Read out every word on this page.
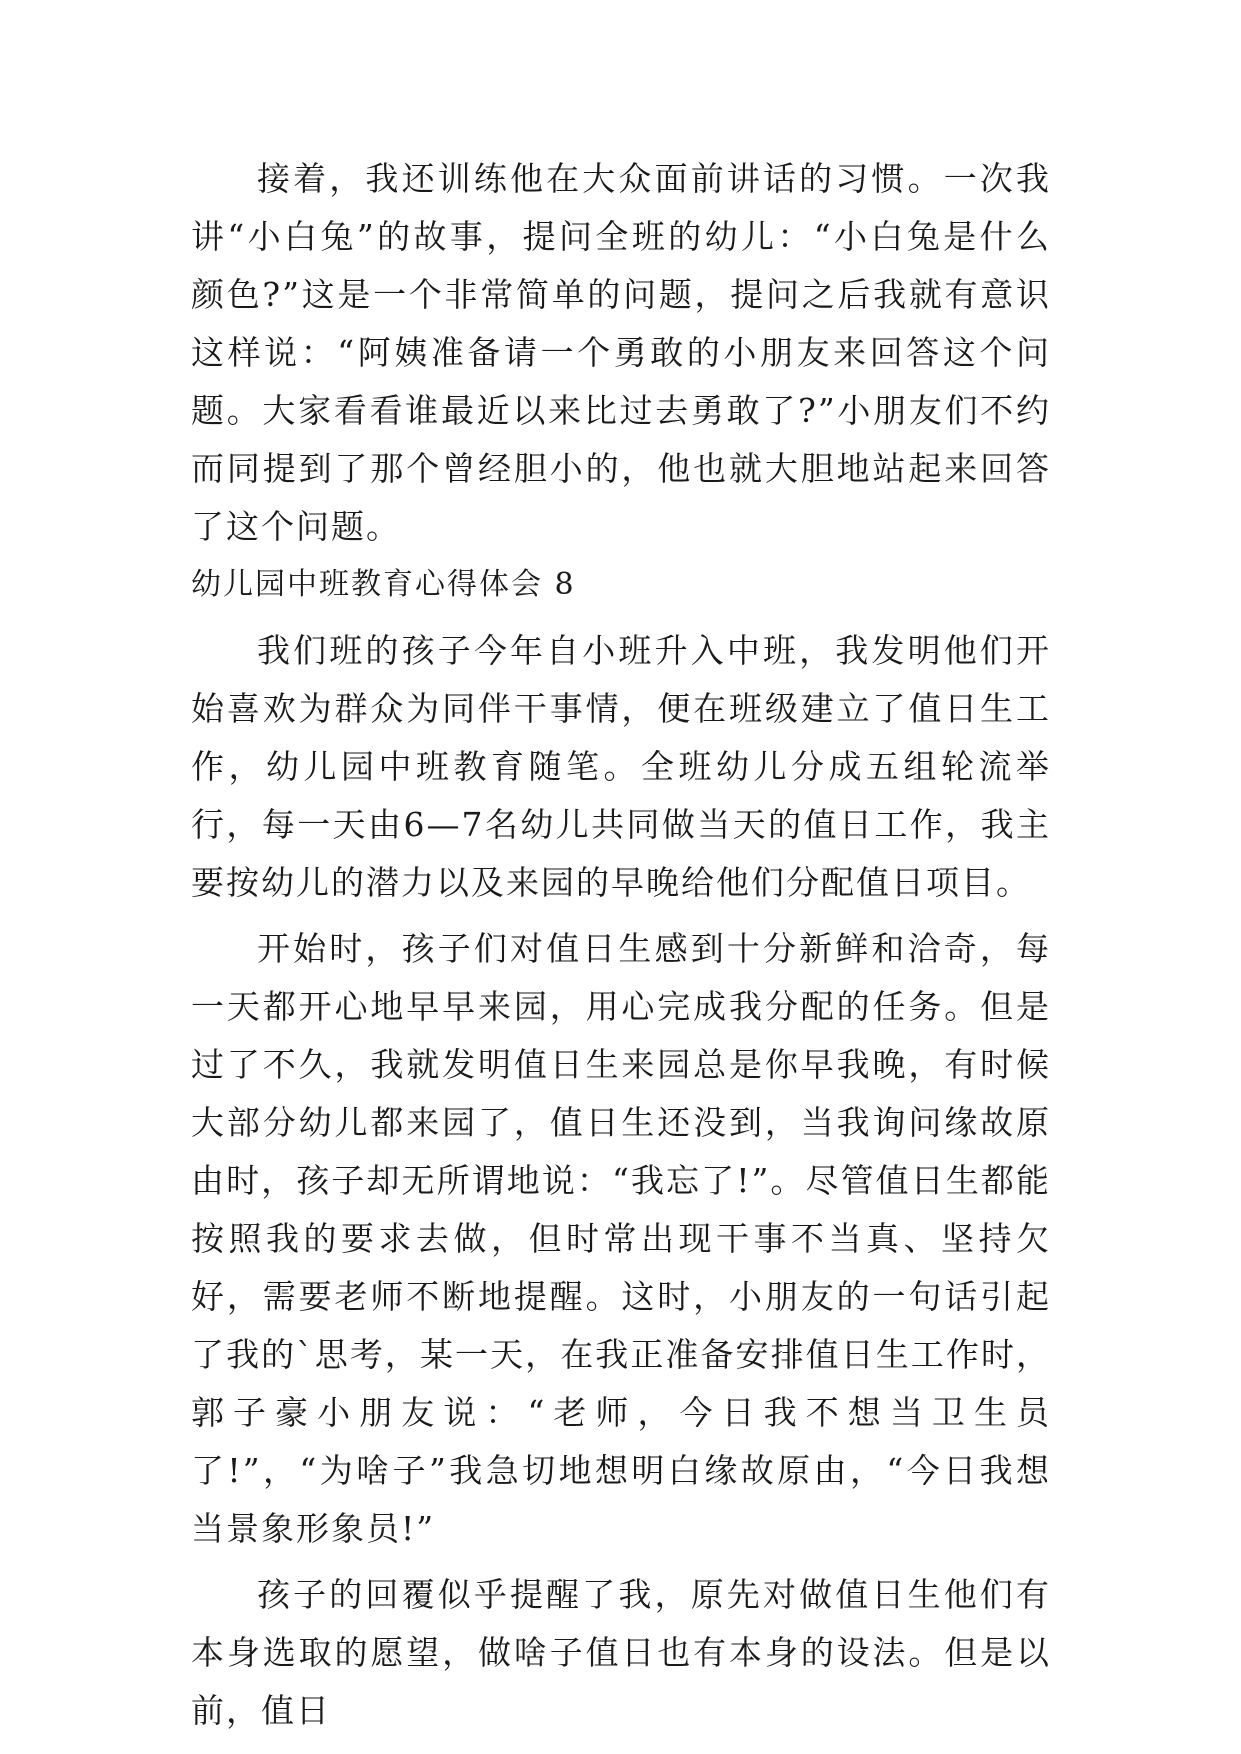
接着，我还训练他在大众面前讲话的习惯。一次我讲“小白兔”的故事，提问全班的幼儿：“小白兔是什么颜色?”这是一个非常简单的问题，提问之后我就有意识这样说：“阿姨准备请一个勇敢的小朋友来回答这个问题。大家看看谁最近以来比过去勇敢了?”小朋友们不约而同提到了那个曾经胆小的，他也就大胆地站起来回答了这个问题。

幼儿园中班教育心得体会 8

我们班的孩子今年自小班升入中班，我发明他们开始喜欢为群众为同伴干事情，便在班级建立了值日生工作，幼儿园中班教育随笔。全班幼儿分成五组轮流举行，每一天由6—7名幼儿共同做当天的值日工作，我主要按幼儿的潜力以及来园的早晚给他们分配值日项目。

开始时，孩子们对值日生感到十分新鲜和洽奇，每一天都开心地早早来园，用心完成我分配的任务。但是过了不久，我就发明值日生来园总是你早我晚，有时候大部分幼儿都来园了，值日生还没到，当我询问缘故原由时，孩子却无所谓地说：“我忘了!”。尽管值日生都能按照我的要求去做，但时常出现干事不当真、坚持欠好，需要老师不断地提醒。这时，小朋友的一句话引起了我的`思考，某一天，在我正准备安排值日生工作时，郭子豪小朋友说：“老师，今日我不想当卫生员了!”，“为啥子”我急切地想明白缘故原由，“今日我想当景象形象员!”

孩子的回覆似乎提醒了我，原先对做值日生他们有本身选取的愿望，做啥子值日也有本身的设法。但是以前，值日
